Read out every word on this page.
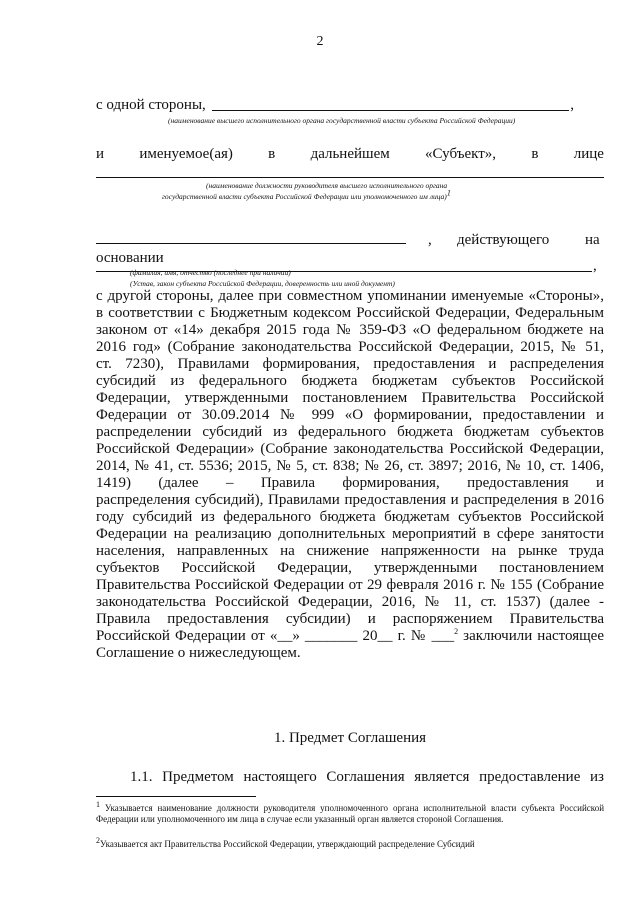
2
с одной стороны,	,
(наименование высшего исполнительного органа государственной власти субъекта Российской Федерации)
и именуемое(ая) в дальнейшем «Субъект», в лице
(наименование должности руководителя высшего исполнительного органа
государственной власти субъекта Российской Федерации или уполномоченного им лица)$^1$
, действующего на
основании
(фамилия, имя, отчество (последнее при наличии)	,
(Устав, закон субъекта Российской Федерации, доверенность или иной документ)
с другой стороны, далее при совместном упоминании именуемые «Стороны»,
в соответствии с Бюджетным кодексом Российской Федерации, Федеральным
законом от «14» декабря 2015 года № 359-ФЗ «О федеральном бюджете на
2016 год» (Собрание законодательства Российской Федерации, 2015, № 51,
ст. 7230), Правилами формирования, предоставления и распределения
субсидий из федерального бюджета бюджетам субъектов Российской
Федерации, утвержденными постановлением Правительства Российской
Федерации от 30.09.2014 № 999 «О формировании, предоставлении и
распределении субсидий из федерального бюджета бюджетам субъектов
Российской Федерации» (Собрание законодательства Российской Федерации,
2014, № 41, ст. 5536; 2015, № 5, ст. 838; № 26, ст. 3897; 2016, № 10, ст. 1406,
1419) (далее – Правила формирования, предоставления и
распределения субсидий), Правилами предоставления и распределения в 2016
году субсидий из федерального бюджета бюджетам субъектов Российской
Федерации на реализацию дополнительных мероприятий в сфере занятости
населения, направленных на снижение напряженности на рынке труда
субъектов Российской Федерации, утвержденными постановлением
Правительства Российской Федерации от 29 февраля 2016 г. № 155 (Собрание
законодательства Российской Федерации, 2016, № 11, ст. 1537) (далее -
Правила предоставления субсидии) и распоряжением Правительства
Российской Федерации от «__» _______ 20__ г. № ___$^2$ заключили настоящее
Соглашение о нижеследующем.
1. Предмет Соглашения
1.1. Предметом настоящего Соглашения является предоставление из
$^1$ Указывается наименование должности руководителя уполномоченного органа исполнительной власти субъекта Российской Федерации или уполномоченного им лица в случае если указанный орган является стороной Соглашения.
$^2$Указывается акт Правительства Российской Федерации, утверждающий распределение Субсидий
